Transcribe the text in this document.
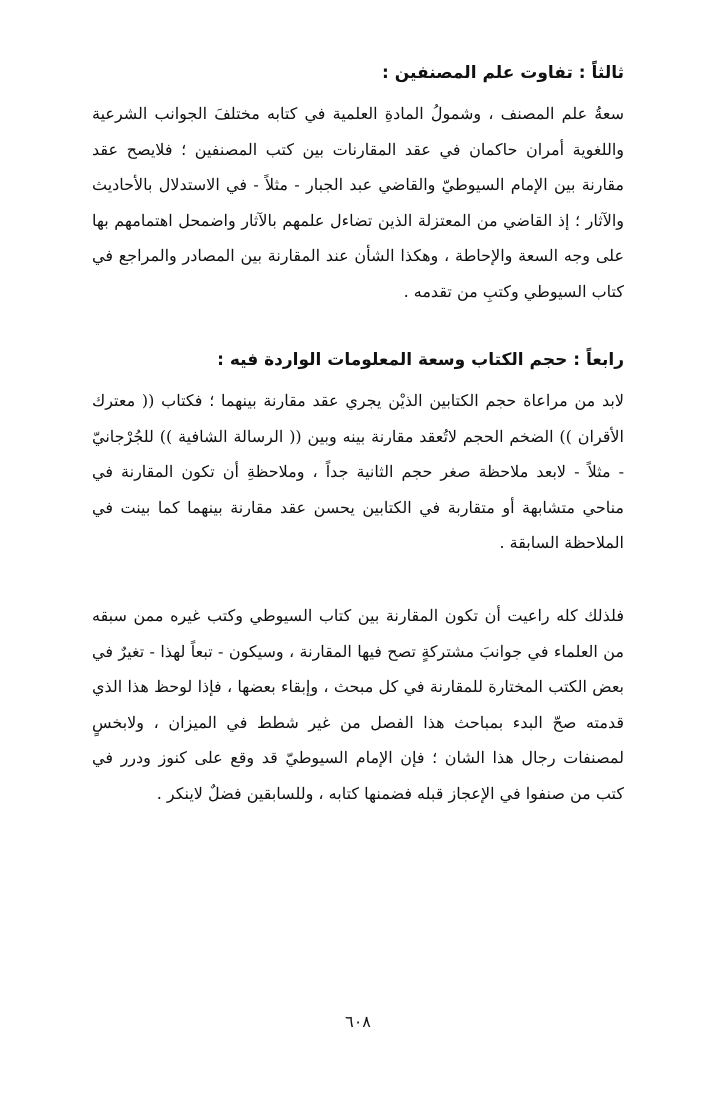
ثالثاً : تفاوت علم المصنفين :

سعةُ علم المصنف ، وشمولُ المادةِ العلمية في كتابه مختلفَ الجوانب الشرعية واللغوية أمران حاكمان في عقد المقارنات بين كتب المصنفين ؛ فلايصح عقد مقارنة بين الإمام السيوطيّ والقاضي عبد الجبار - مثلاً - في الاستدلال بالأحاديث والآثار ؛ إذ القاضي من المعتزلة الذين تضاءل علمهم بالآثار واضمحل اهتمامهم بها على وجه السعة والإحاطة ، وهكذا الشأن عند المقارنة بين المصادر والمراجع في كتاب السيوطي وكتبِ من تقدمه .

رابعاً : حجم الكتاب وسعة المعلومات الواردة فيه :

لابد من مراعاة حجم الكتابين الذيْن يجري عقد مقارنة بينهما ؛ فكتاب (( معترك الأقران )) الضخم الحجم لاتُعقد مقارنة بينه وبين (( الرسالة الشافية )) للجُرْجانيّ - مثلاً - لابعد ملاحظة صغر حجم الثانية جداً ، وملاحظةِ أن تكون المقارنة في مناحي متشابهة أو متقاربة في الكتابين يحسن عقد مقارنة بينهما كما بينت في الملاحظة السابقة .

فلذلك كله راعيت أن تكون المقارنة بين كتاب السيوطي وكتب غيره ممن سبقه من العلماء في جوانبَ مشتركةٍ تصح فيها المقارنة ، وسيكون - تبعاً لهذا - تغيرٌ في بعض الكتب المختارة للمقارنة في كل مبحث ، وإبقاء بعضها ، فإذا لوحظ هذا الذي قدمته صحّ البدء بمباحث هذا الفصل من غير شطط في الميزان ، ولابخسٍ لمصنفات رجال هذا الشان ؛ فإن الإمام السيوطيّ قد وقع على كنوز ودرر في كتب من صنفوا في الإعجاز قبله فضمنها كتابه ، وللسابقين فضلٌ لاينكر .

٦٠٨
